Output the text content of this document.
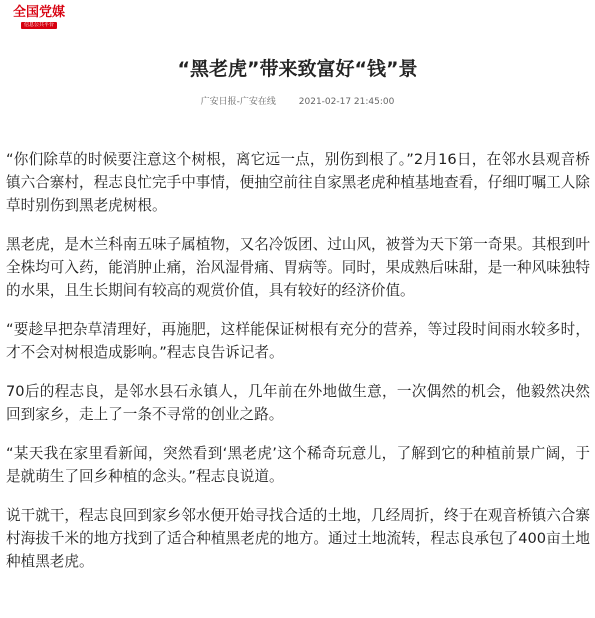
全国党媒
信息公共平台
“黑老虎”带来致富好“钱”景
广安日报-广安在线	2021-02-17 21:45:00

“你们除草的时候要注意这个树根，离它远一点，别伤到根了。”2月16日，在邻水县观音桥镇六合寨村，程志良忙完手中事情，便抽空前往自家黑老虎种植基地查看，仔细叮嘱工人除草时别伤到黑老虎树根。

黑老虎，是木兰科南五味子属植物，又名冷饭团、过山风，被誉为天下第一奇果。其根到叶全株均可入药，能消肿止痛，治风湿骨痛、胃病等。同时，果成熟后味甜，是一种风味独特的水果，且生长期间有较高的观赏价值，具有较好的经济价值。

“要趁早把杂草清理好，再施肥，这样能保证树根有充分的营养，等过段时间雨水较多时，才不会对树根造成影响。”程志良告诉记者。

70后的程志良，是邻水县石永镇人，几年前在外地做生意，一次偶然的机会，他毅然决然回到家乡，走上了一条不寻常的创业之路。

“某天我在家里看新闻，突然看到‘黑老虎’这个稀奇玩意儿，了解到它的种植前景广阔，于是就萌生了回乡种植的念头。”程志良说道。

说干就干，程志良回到家乡邻水便开始寻找合适的土地，几经周折，终于在观音桥镇六合寨村海拔千米的地方找到了适合种植黑老虎的地方。通过土地流转，程志良承包了400亩土地种植黑老虎。
